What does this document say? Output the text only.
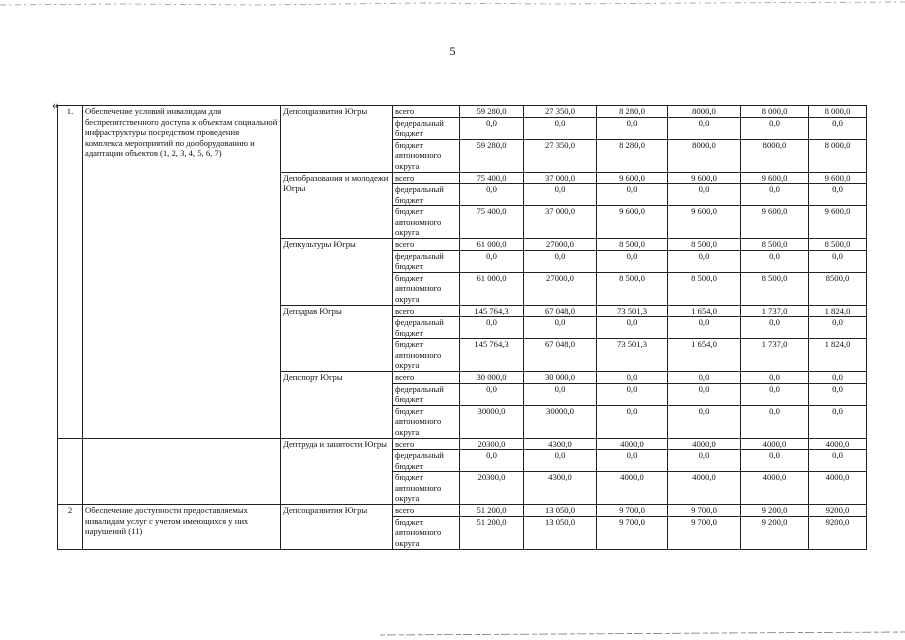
5
« 1.	Обеспечение условий инвалидам для беспрепятственного доступа к объектам социальной инфраструктуры посредством проведения комплекса мероприятий по дооборудованию и адаптации объектов (1, 2, 3, 4, 5, 6, 7)	Депсоцразвития Югры	всего	59 280,0	27 350,0	8 280,0	8000,0	8 000,0	8 000,0
			федеральный бюджет	0,0	0,0	0,0	0,0	0,0	0,0
			бюджет автономного округа	59 280,0	27 350,0	8 280,0	8000,0	8000,0	8 000,0
		Депобразования и молодежи Югры	всего	75 400,0	37 000,0	9 600,0	9 600,0	9 600,0	9 600,0
			федеральный бюджет	0,0	0,0	0,0	0,0	0,0	0,0
			бюджет автономного округа	75 400,0	37 000,0	9 600,0	9 600,0	9 600,0	9 600,0
		Депкультуры Югры	всего	61 000,0	27000,0	8 500,0	8 500,0	8 500,0	8 500,0
			федеральный бюджет	0,0	0,0	0,0	0,0	0,0	0,0
			бюджет автономного округа	61 000,0	27000,0	8 500,0	8 500,0	8 500,0	8500,0
		Депздрав Югры	всего	145 764,3	67 048,0	73 501,3	1 654,0	1 737,0	1 824,0
			федеральный бюджет	0,0	0,0	0,0	0,0	0,0	0,0
			бюджет автономного округа	145 764,3	67 048,0	73 501,3	1 654,0	1 737,0	1 824,0
		Депспорт Югры	всего	30 000,0	30 000,0	0,0	0,0	0,0	0,0
			федеральный бюджет	0,0	0,0	0,0	0,0	0,0	0,0
			бюджет автономного округа	30000,0	30000,0	0,0	0,0	0,0	0,0
		Дептруда и занятости Югры	всего	20300,0	4300,0	4000,0	4000,0	4000,0	4000,0
			федеральный бюджет	0,0	0,0	0,0	0,0	0,0	0,0
			бюджет автономного округа	20300,0	4300,0	4000,0	4000,0	4000,0	4000,0
2	Обеспечение доступности предоставляемых инвалидам услуг с учетом имеющихся у них нарушений (11)	Депсоцразвития Югры	всего	51 200,0	13 050,0	9 700,0	9 700,0	9 200,0	9200,0
			бюджет автономного округа	51 200,0	13 050,0	9 700,0	9 700,0	9 200,0	9200,0
